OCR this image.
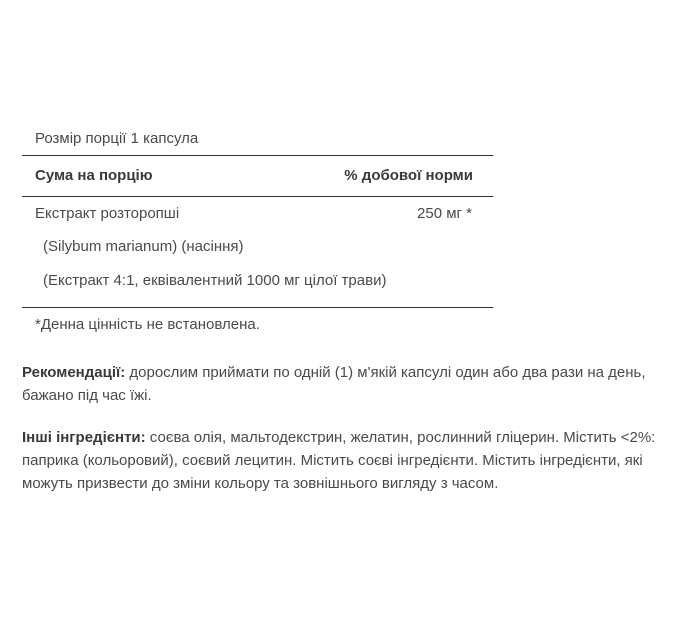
Розмір порції 1 капсула
Сума на порцію	% добової норми
Екстракт розторопші	250 мг *
(Silybum marianum) (насіння)
(Екстракт 4:1, еквівалентний 1000 мг цілої трави)
*Денна цінність не встановлена.
Рекомендації: дорослим приймати по одній (1) м'якій капсулі один або два рази на день, бажано під час їжі.
Інші інгредієнти: соєва олія, мальтодекстрин, желатин, рослинний гліцерин. Містить <2%: паприка (кольоровий), соєвий лецитин. Містить соєві інгредієнти. Містить інгредієнти, які можуть призвести до зміни кольору та зовнішнього вигляду з часом.
